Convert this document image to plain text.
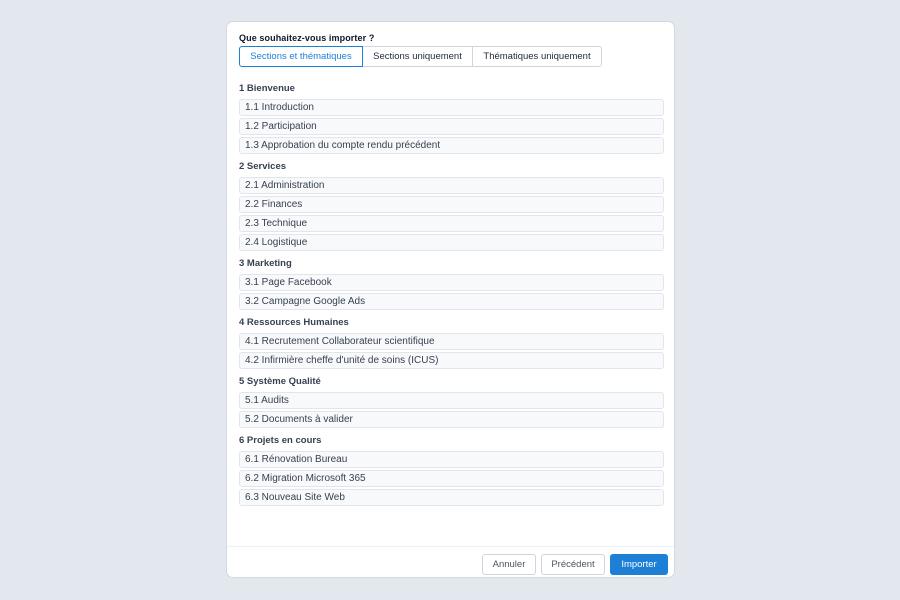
Que souhaitez-vous importer ?
Sections et thématiques	Sections uniquement	Thématiques uniquement
1 Bienvenue
1.1 Introduction
1.2 Participation
1.3 Approbation du compte rendu précédent
2 Services
2.1 Administration
2.2 Finances
2.3 Technique
2.4 Logistique
3 Marketing
3.1 Page Facebook
3.2 Campagne Google Ads
4 Ressources Humaines
4.1 Recrutement Collaborateur scientifique
4.2 Infirmière cheffe d'unité de soins (ICUS)
5 Système Qualité
5.1 Audits
5.2 Documents à valider
6 Projets en cours
6.1 Rénovation Bureau
6.2 Migration Microsoft 365
6.3 Nouveau Site Web
Annuler	Précédent	Importer
